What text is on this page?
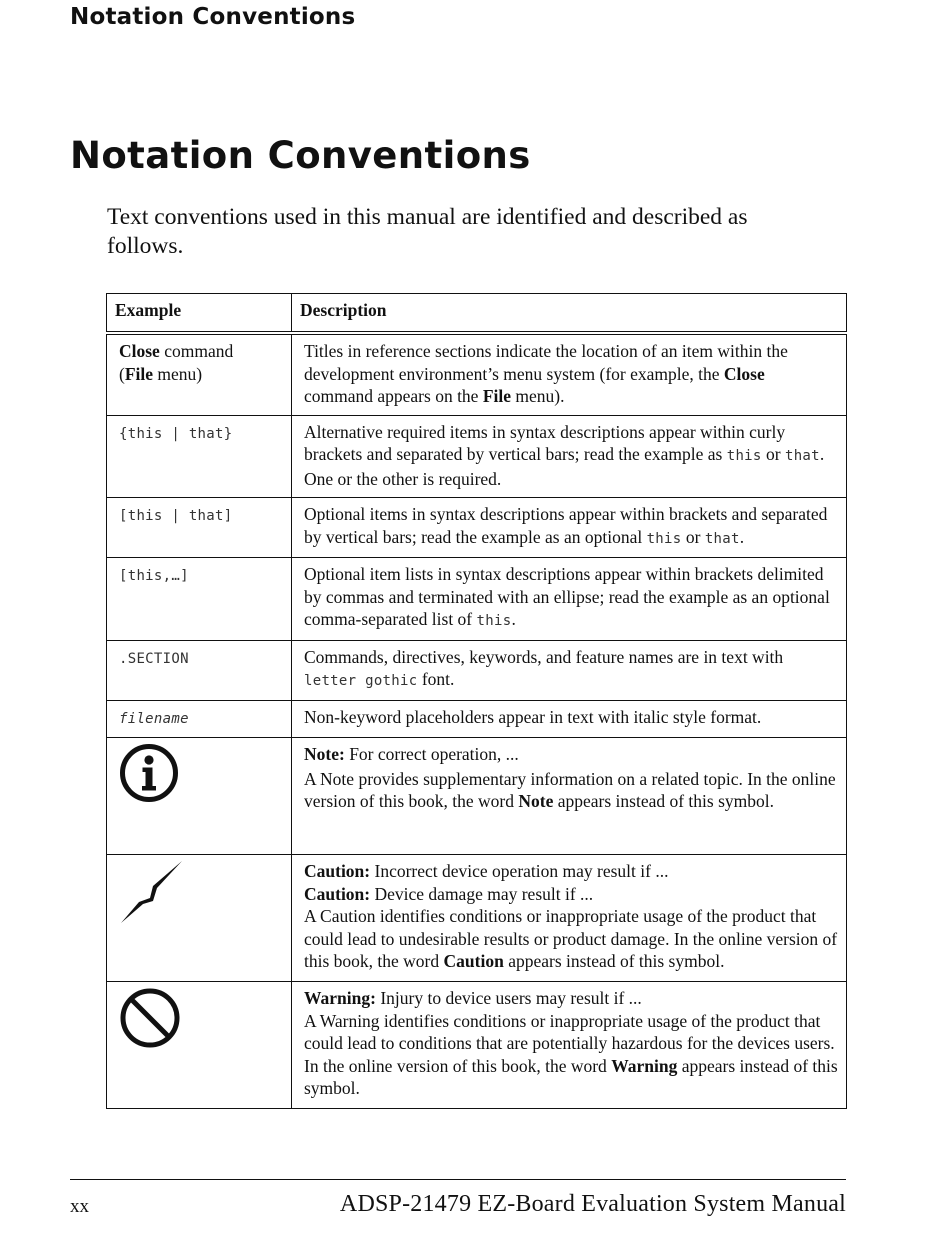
Notation Conventions
Notation Conventions

Text conventions used in this manual are identified and described as follows.

Example	Description
Close command
(File menu)	Titles in reference sections indicate the location of an item within the development environment’s menu system (for example, the Close command appears on the File menu).
{this | that}	Alternative required items in syntax descriptions appear within curly brackets and separated by vertical bars; read the example as this or that. One or the other is required.
[this | that]	Optional items in syntax descriptions appear within brackets and separated by vertical bars; read the example as an optional this or that.
[this,…]	Optional item lists in syntax descriptions appear within brackets delimited by commas and terminated with an ellipse; read the example as an optional comma-separated list of this.
.SECTION	Commands, directives, keywords, and feature names are in text with letter gothic font.
filename	Non-keyword placeholders appear in text with italic style format.

Note: For correct operation, ...
A Note provides supplementary information on a related topic. In the online version of this book, the word Note appears instead of this symbol.

Caution: Incorrect device operation may result if ...
Caution: Device damage may result if ...
A Caution identifies conditions or inappropriate usage of the product that could lead to undesirable results or product damage. In the online version of this book, the word Caution appears instead of this symbol.

Warning: Injury to device users may result if ...
A Warning identifies conditions or inappropriate usage of the product that could lead to conditions that are potentially hazardous for the devices users. In the online version of this book, the word Warning appears instead of this symbol.
xx	ADSP-21479 EZ-Board Evaluation System Manual
